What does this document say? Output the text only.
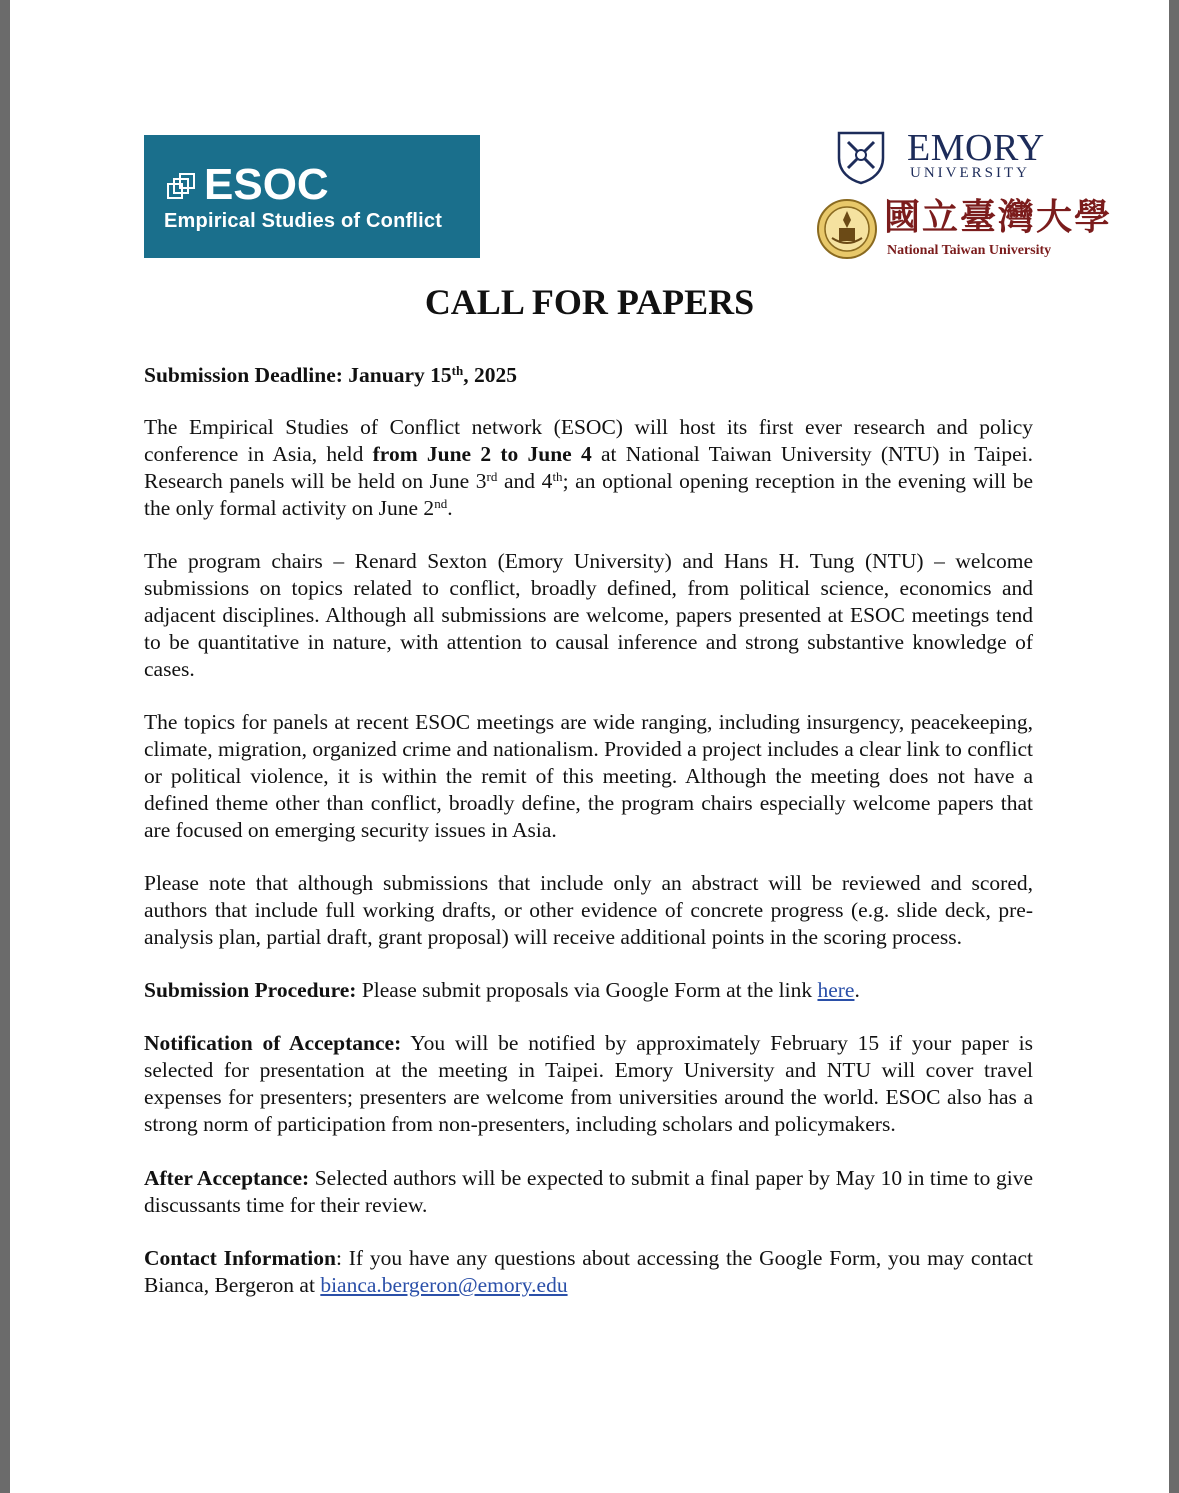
ESOC
Empirical Studies of Conflict
EMORY
UNIVERSITY
國立臺灣大學
National Taiwan University
CALL FOR PAPERS

Submission Deadline: January 15th, 2025

The Empirical Studies of Conflict network (ESOC) will host its first ever research and policy conference in Asia, held from June 2 to June 4 at National Taiwan University (NTU) in Taipei. Research panels will be held on June 3rd and 4th; an optional opening reception in the evening will be the only formal activity on June 2nd.

The program chairs – Renard Sexton (Emory University) and Hans H. Tung (NTU) – welcome submissions on topics related to conflict, broadly defined, from political science, economics and adjacent disciplines. Although all submissions are welcome, papers presented at ESOC meetings tend to be quantitative in nature, with attention to causal inference and strong substantive knowledge of cases.

The topics for panels at recent ESOC meetings are wide ranging, including insurgency, peacekeeping, climate, migration, organized crime and nationalism. Provided a project includes a clear link to conflict or political violence, it is within the remit of this meeting. Although the meeting does not have a defined theme other than conflict, broadly define, the program chairs especially welcome papers that are focused on emerging security issues in Asia.

Please note that although submissions that include only an abstract will be reviewed and scored, authors that include full working drafts, or other evidence of concrete progress (e.g. slide deck, pre-analysis plan, partial draft, grant proposal) will receive additional points in the scoring process.

Submission Procedure: Please submit proposals via Google Form at the link here.

Notification of Acceptance: You will be notified by approximately February 15 if your paper is selected for presentation at the meeting in Taipei. Emory University and NTU will cover travel expenses for presenters; presenters are welcome from universities around the world. ESOC also has a strong norm of participation from non-presenters, including scholars and policymakers.

After Acceptance: Selected authors will be expected to submit a final paper by May 10 in time to give discussants time for their review.

Contact Information: If you have any questions about accessing the Google Form, you may contact Bianca, Bergeron at bianca.bergeron@emory.edu
